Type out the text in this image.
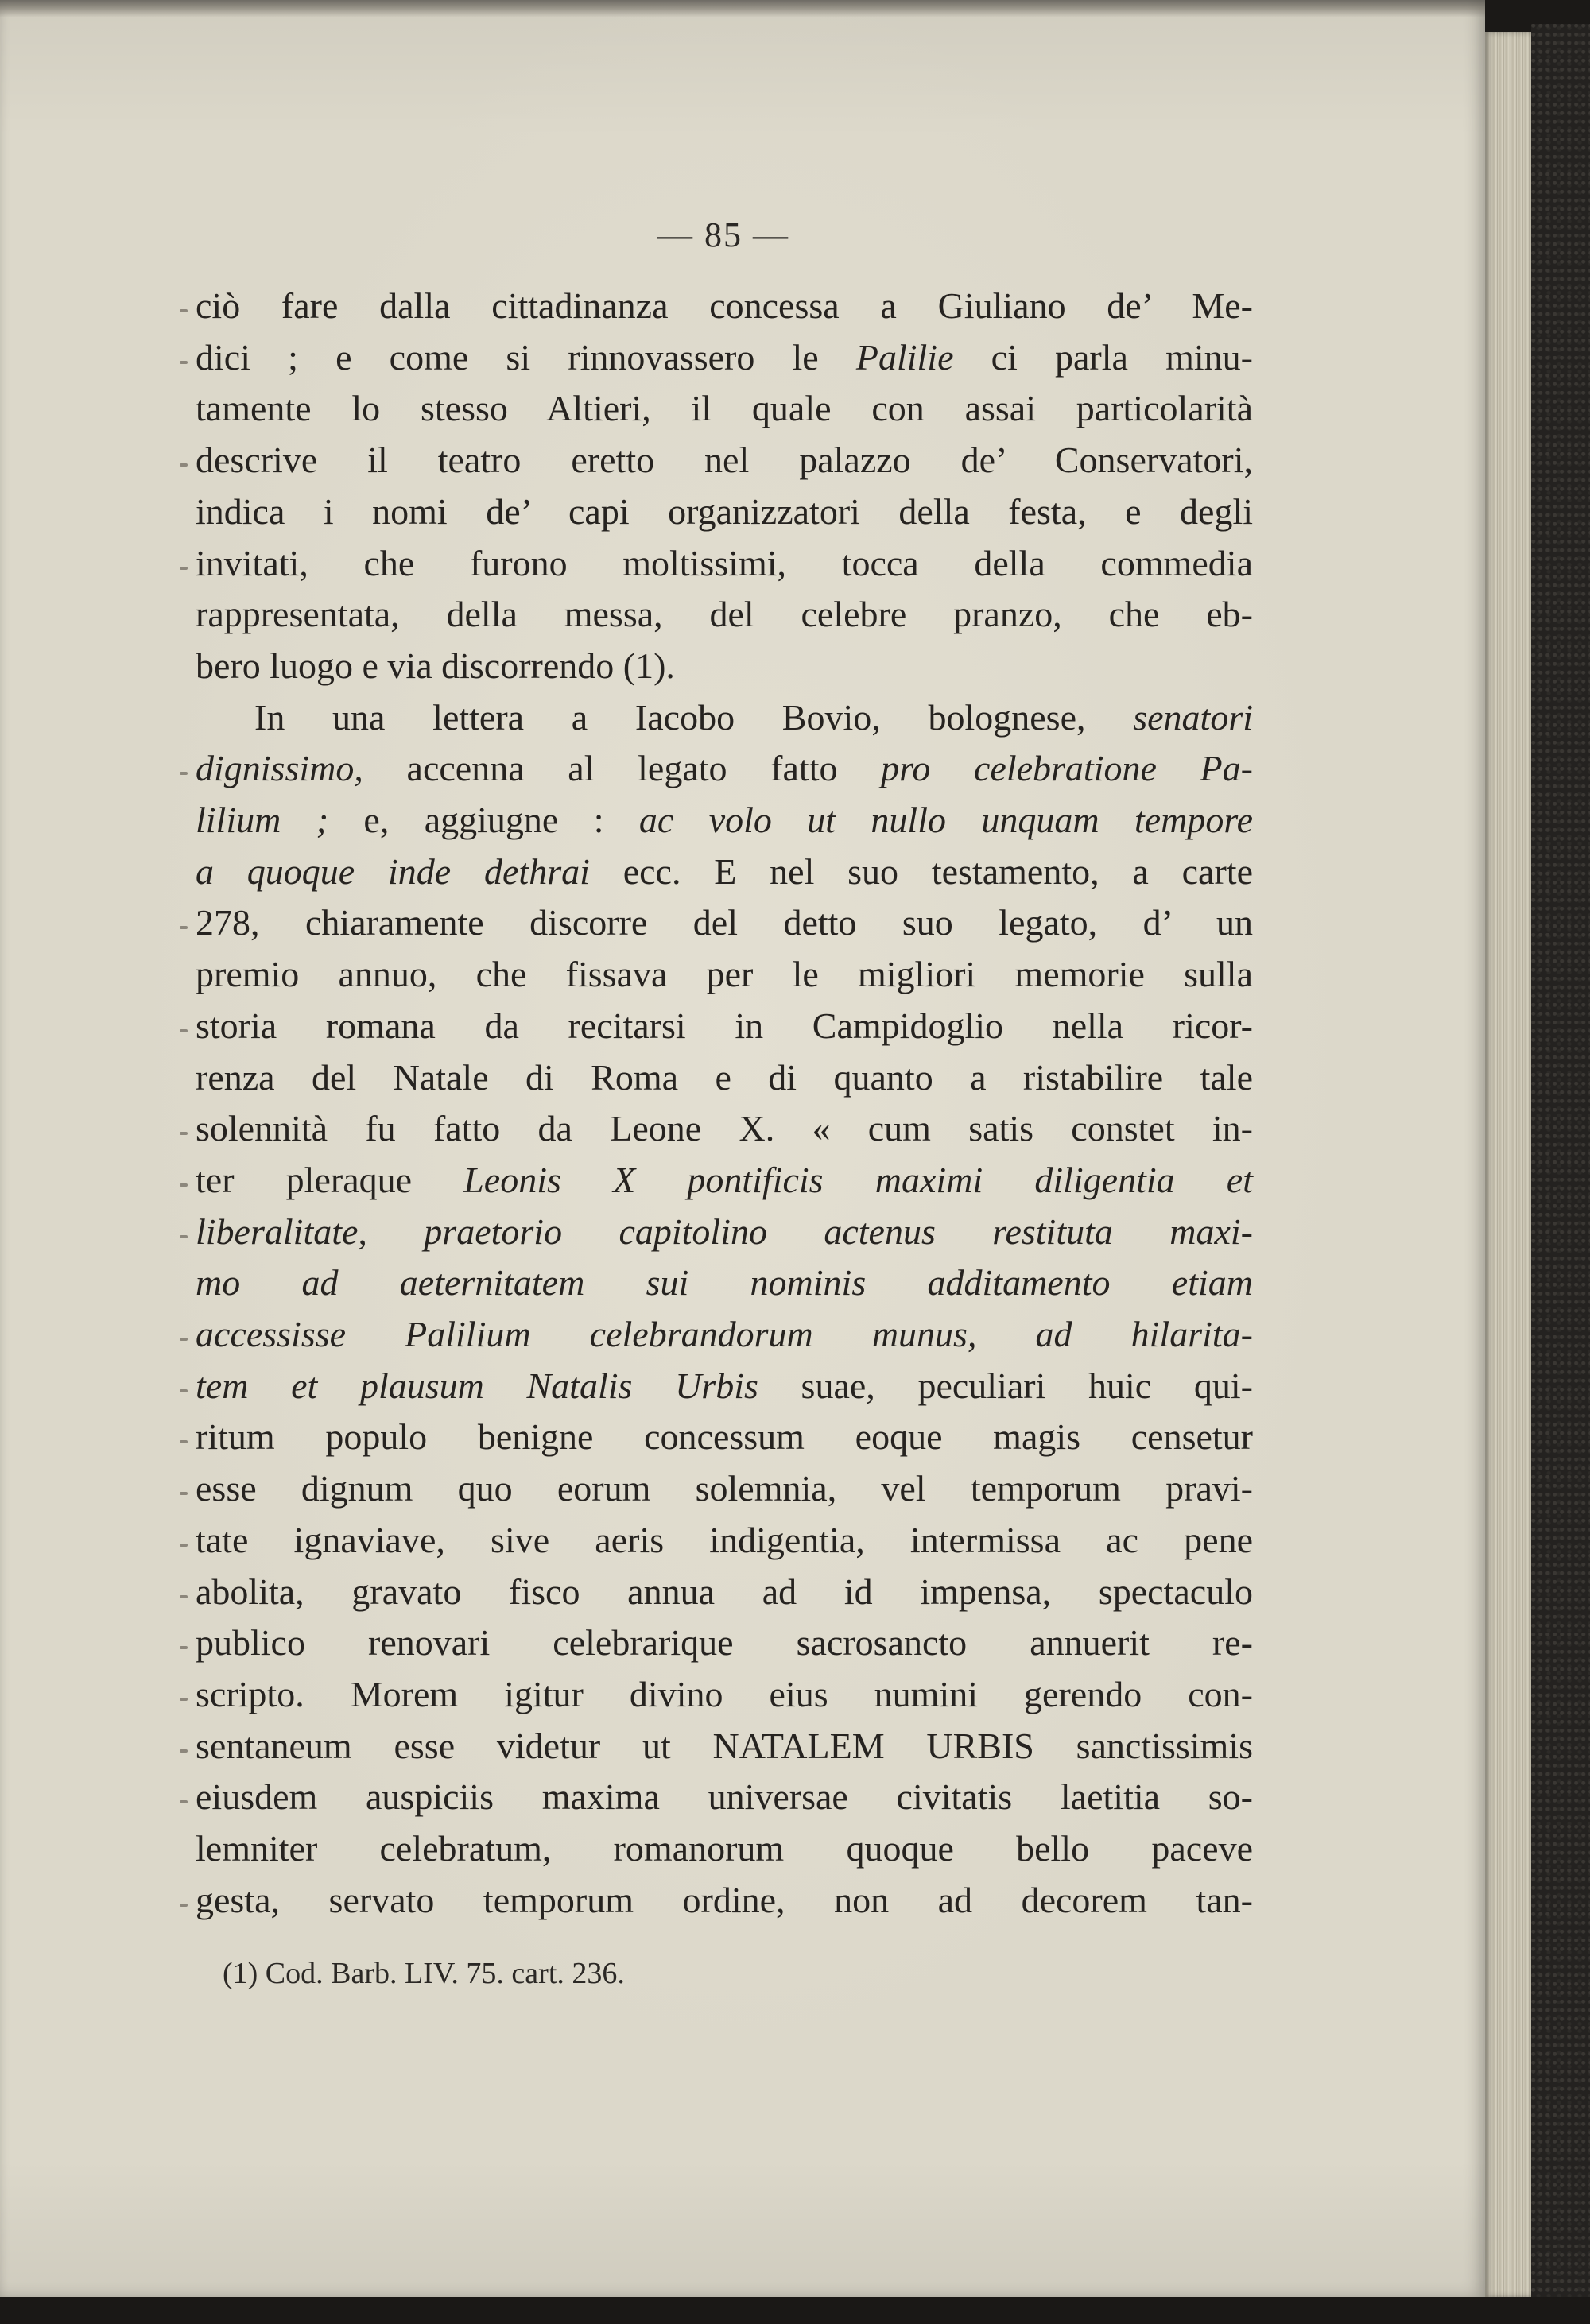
— 85 —
ciò fare dalla cittadinanza concessa a Giuliano de’ Me-
dici ; e come si rinnovassero le Palilie ci parla minu-
tamente lo stesso Altieri, il quale con assai particolarità
descrive il teatro eretto nel palazzo de’ Conservatori,
indica i nomi de’ capi organizzatori della festa, e degli
invitati, che furono moltissimi, tocca della commedia
rappresentata, della messa, del celebre pranzo, che eb-
bero luogo e via discorrendo (1).
In una lettera a Iacobo Bovio, bolognese, senatori
dignissimo, accenna al legato fatto pro celebratione Pa-
lilium ; e, aggiugne : ac volo ut nullo unquam tempore
a quoque inde dethrai ecc. E nel suo testamento, a carte
278, chiaramente discorre del detto suo legato, d’ un
premio annuo, che fissava per le migliori memorie sulla
storia romana da recitarsi in Campidoglio nella ricor-
renza del Natale di Roma e di quanto a ristabilire tale
solennità fu fatto da Leone X. « cum satis constet in-
ter pleraque Leonis X pontificis maximi diligentia et
liberalitate, praetorio capitolino actenus restituta maxi-
mo ad aeternitatem sui nominis additamento etiam
accessisse Palilium celebrandorum munus, ad hilarita-
tem et plausum Natalis Urbis suae, peculiari huic qui-
ritum populo benigne concessum eoque magis censetur
esse dignum quo eorum solemnia, vel temporum pravi-
tate ignaviave, sive aeris indigentia, intermissa ac pene
abolita, gravato fisco annua ad id impensa, spectaculo
publico renovari celebrarique sacrosancto annuerit re-
scripto. Morem igitur divino eius numini gerendo con-
sentaneum esse videtur ut NATALEM URBIS sanctissimis
eiusdem auspiciis maxima universae civitatis laetitia so-
lemniter celebratum, romanorum quoque bello paceve
gesta, servato temporum ordine, non ad decorem tan-
(1) Cod. Barb. LIV. 75. cart. 236.
